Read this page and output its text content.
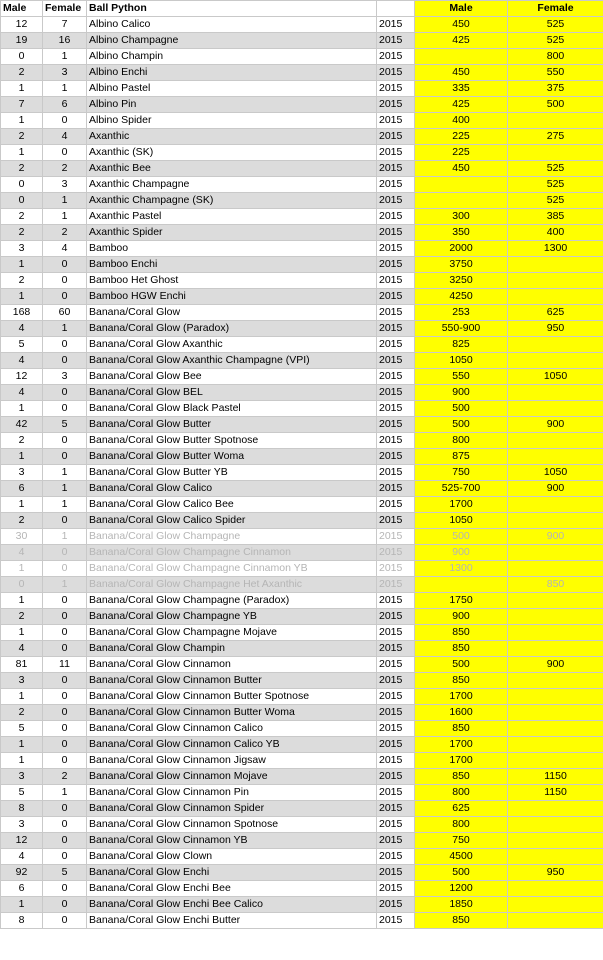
Male	Female	Ball Python		Male	Female
12	7	Albino Calico	2015	450	525
19	16	Albino Champagne	2015	425	525
0	1	Albino Champin	2015		800
2	3	Albino Enchi	2015	450	550
1	1	Albino Pastel	2015	335	375
7	6	Albino Pin	2015	425	500
1	0	Albino Spider	2015	400	
2	4	Axanthic	2015	225	275
1	0	Axanthic (SK)	2015	225	
2	2	Axanthic Bee	2015	450	525
0	3	Axanthic Champagne	2015		525
0	1	Axanthic Champagne (SK)	2015		525
2	1	Axanthic Pastel	2015	300	385
2	2	Axanthic Spider	2015	350	400
3	4	Bamboo	2015	2000	1300
1	0	Bamboo Enchi	2015	3750	
2	0	Bamboo Het Ghost	2015	3250	
1	0	Bamboo HGW Enchi	2015	4250	
168	60	Banana/Coral Glow	2015	253	625
4	1	Banana/Coral Glow (Paradox)	2015	550-900	950
5	0	Banana/Coral Glow Axanthic	2015	825	
4	0	Banana/Coral Glow Axanthic Champagne (VPI)	2015	1050	
12	3	Banana/Coral Glow Bee	2015	550	1050
4	0	Banana/Coral Glow BEL	2015	900	
1	0	Banana/Coral Glow Black Pastel	2015	500	
42	5	Banana/Coral Glow Butter	2015	500	900
2	0	Banana/Coral Glow Butter Spotnose	2015	800	
1	0	Banana/Coral Glow Butter Woma	2015	875	
3	1	Banana/Coral Glow Butter YB	2015	750	1050
6	1	Banana/Coral Glow Calico	2015	525-700	900
1	1	Banana/Coral Glow Calico Bee	2015	1700	
2	0	Banana/Coral Glow Calico Spider	2015	1050	
30	1	Banana/Coral Glow Champagne	2015	500	900
4	0	Banana/Coral Glow Champagne Cinnamon	2015	900	
1	0	Banana/Coral Glow Champagne Cinnamon YB	2015	1300	
0	1	Banana/Coral Glow Champagne Het Axanthic	2015		850
1	0	Banana/Coral Glow Champagne (Paradox)	2015	1750	
2	0	Banana/Coral Glow Champagne YB	2015	900	
1	0	Banana/Coral Glow Champagne Mojave	2015	850	
4	0	Banana/Coral Glow Champin	2015	850	
81	11	Banana/Coral Glow Cinnamon	2015	500	900
3	0	Banana/Coral Glow Cinnamon Butter	2015	850	
1	0	Banana/Coral Glow Cinnamon Butter Spotnose	2015	1700	
2	0	Banana/Coral Glow Cinnamon Butter Woma	2015	1600	
5	0	Banana/Coral Glow Cinnamon Calico	2015	850	
1	0	Banana/Coral Glow Cinnamon Calico YB	2015	1700	
1	0	Banana/Coral Glow Cinnamon Jigsaw	2015	1700	
3	2	Banana/Coral Glow Cinnamon Mojave	2015	850	1150
5	1	Banana/Coral Glow Cinnamon Pin	2015	800	1150
8	0	Banana/Coral Glow Cinnamon Spider	2015	625	
3	0	Banana/Coral Glow Cinnamon Spotnose	2015	800	
12	0	Banana/Coral Glow Cinnamon YB	2015	750	
4	0	Banana/Coral Glow Clown	2015	4500	
92	5	Banana/Coral Glow Enchi	2015	500	950
6	0	Banana/Coral Glow Enchi Bee	2015	1200	
1	0	Banana/Coral Glow Enchi Bee Calico	2015	1850	
8	0	Banana/Coral Glow Enchi Butter	2015	850	
